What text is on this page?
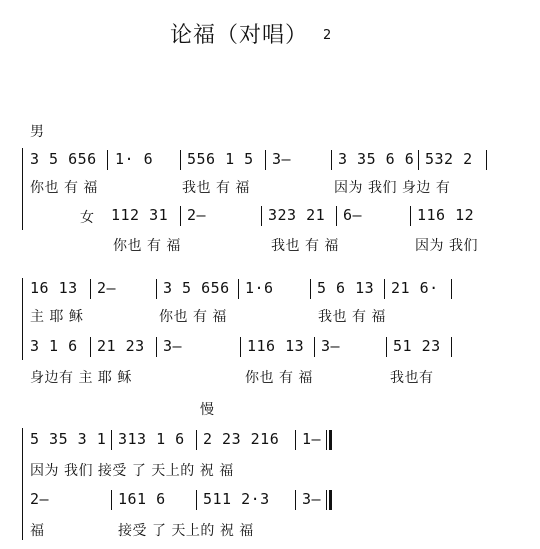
论福（对唱） 2
男
3 5 656 1· 6 556 1 5 3–	3 35 6 6 532 2
你也 有 福	我也 有 福	因为 我们 身边 有
女 112 31 2–	323 21 6–	116 12
你也 有 福	我也 有 福	因为 我们
16 13 2–	3 5 656 1·6	5 6 13 21 6·
主 耶 稣	你也 有 福	我也 有 福
3 1 6 21 23 3–	116 13 3–	51 23
身边有 主 耶 稣	你也 有 福	我也有
慢
5 35 3 1 313 1 6 2 23 216 1–
因为 我们 接受 了 天上的 祝 福
2–	161 6 511 2·3 3–
福	接受 了 天上的 祝 福
